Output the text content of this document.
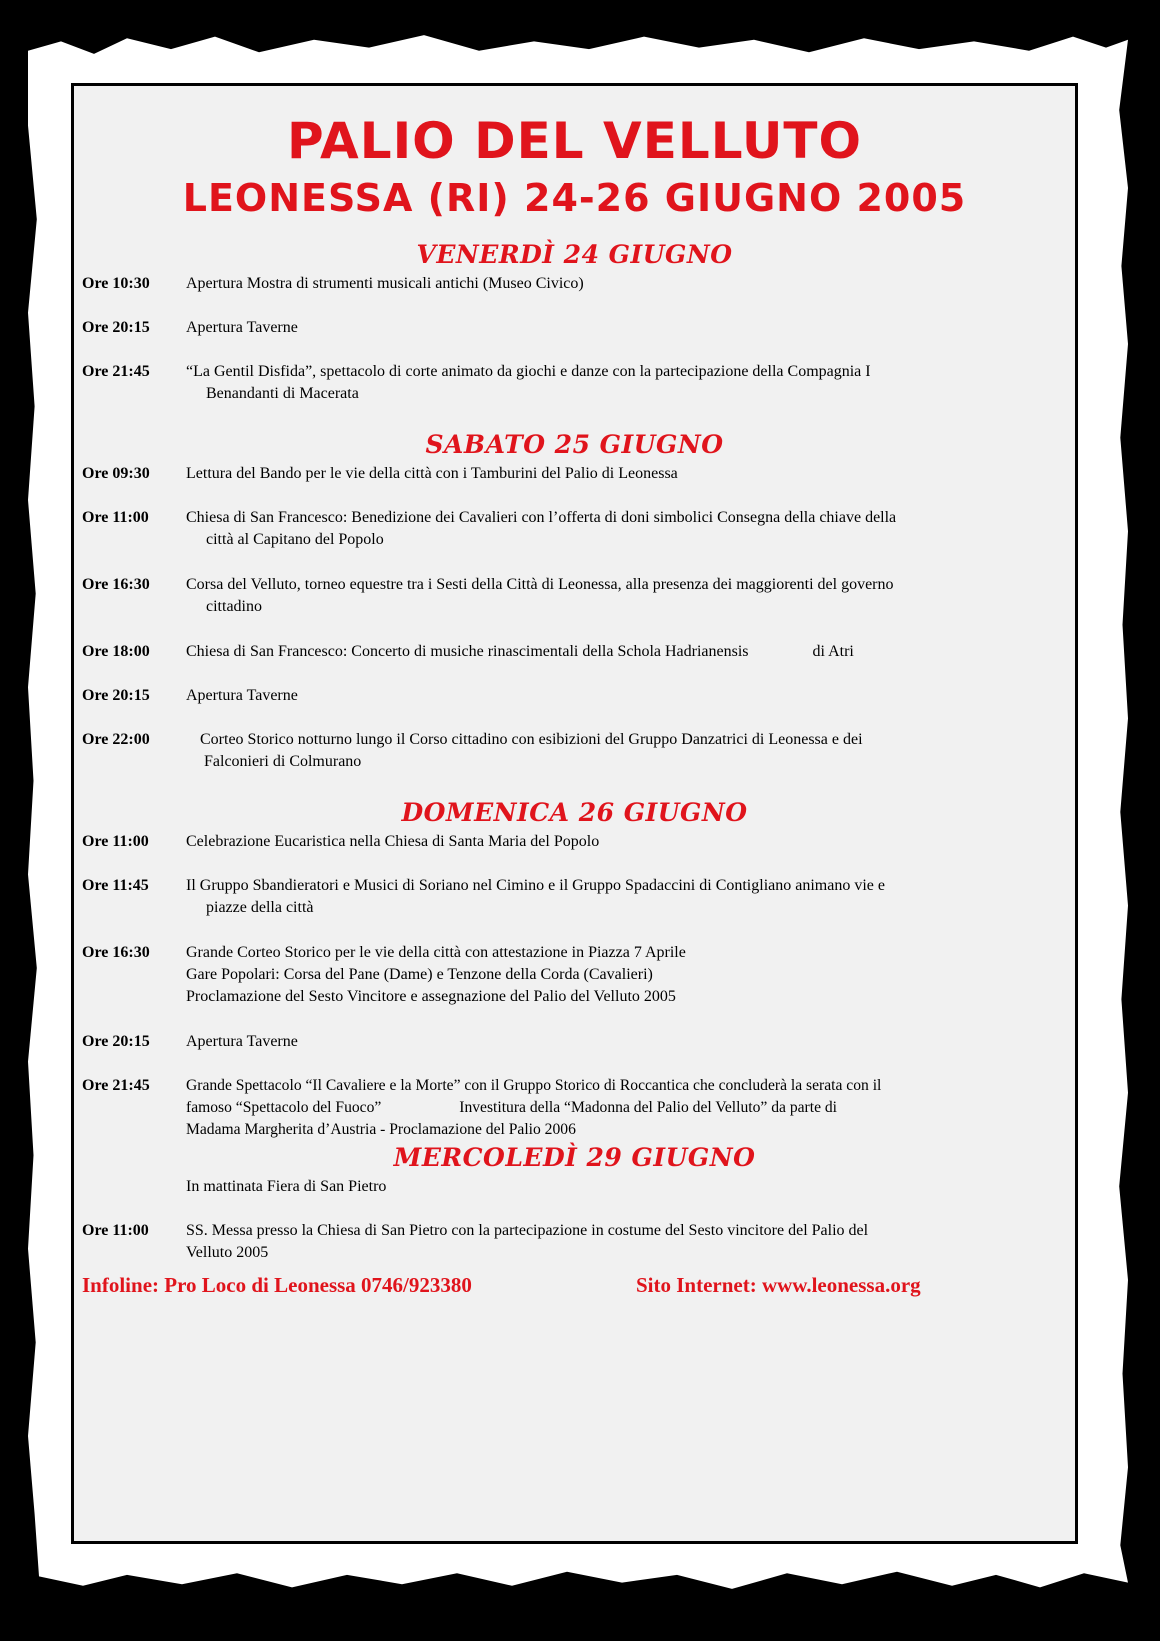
PALIO DEL VELLUTO
LEONESSA (RI) 24-26 GIUGNO 2005
VENERDÌ 24 GIUGNO
Ore 10:30 Apertura Mostra di strumenti musicali antichi (Museo Civico)
Ore 20:15 Apertura Taverne
Ore 21:45 “La Gentil Disfida”, spettacolo di corte animato da giochi e danze con la partecipazione della Compagnia I
Benandanti di Macerata
SABATO 25 GIUGNO
Ore 09:30 Lettura del Bando per le vie della città con i Tamburini del Palio di Leonessa
Ore 11:00 Chiesa di San Francesco: Benedizione dei Cavalieri con l’offerta di doni simbolici Consegna della chiave della
città al Capitano del Popolo
Ore 16:30 Corsa del Velluto, torneo equestre tra i Sesti della Città di Leonessa, alla presenza dei maggiorenti del governo
cittadino
Ore 18:00 Chiesa di San Francesco: Concerto di musiche rinascimentali della Schola Hadrianensis                di Atri
Ore 20:15 Apertura Taverne
Ore 22:00	Corteo Storico notturno lungo il Corso cittadino con esibizioni del Gruppo Danzatrici di Leonessa e dei
Falconieri di Colmurano
DOMENICA 26 GIUGNO
Ore 11:00 Celebrazione Eucaristica nella Chiesa di Santa Maria del Popolo
Ore 11:45 Il Gruppo Sbandieratori e Musici di Soriano nel Cimino e il Gruppo Spadaccini di Contigliano animano vie e
piazze della città
Ore 16:30 Grande Corteo Storico per le vie della città con attestazione in Piazza 7 Aprile
Gare Popolari: Corsa del Pane (Dame) e Tenzone della Corda (Cavalieri)
Proclamazione del Sesto Vincitore e assegnazione del Palio del Velluto 2005
Ore 20:15 Apertura Taverne
Ore 21:45 Grande Spettacolo “Il Cavaliere e la Morte” con il Gruppo Storico di Roccantica che concluderà la serata con il
famoso “Spettacolo del Fuoco”                    Investitura della “Madonna del Palio del Velluto” da parte di
Madama Margherita d’Austria - Proclamazione del Palio 2006
MERCOLEDÌ 29 GIUGNO
In mattinata Fiera di San Pietro
Ore 11:00 SS. Messa presso la Chiesa di San Pietro con la partecipazione in costume del Sesto vincitore del Palio del
Velluto 2005
Infoline: Pro Loco di Leonessa 0746/923380	Sito Internet: www.leonessa.org
